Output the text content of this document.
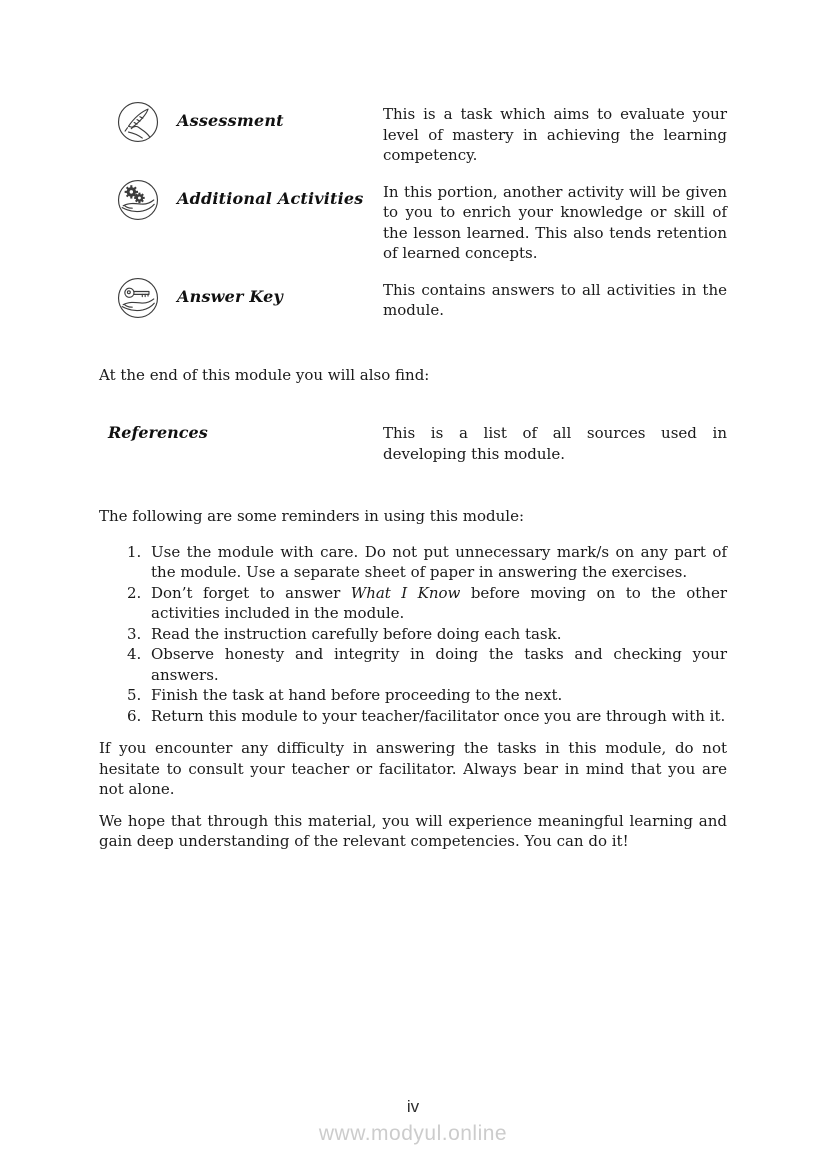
Assessment	This is a task which aims to evaluate your level of mastery in achieving the learning competency.
Additional Activities	In this portion, another activity will be given to you to enrich your knowledge or skill of the lesson learned. This also tends retention of learned concepts.
Answer Key	This contains answers to all activities in the module.

At the end of this module you will also find:

References	This is a list of all sources used in developing this module.

The following are some reminders in using this module:

1. Use the module with care. Do not put unnecessary mark/s on any part of the module. Use a separate sheet of paper in answering the exercises.
2. Don’t forget to answer What I Know before moving on to the other activities included in the module.
3. Read the instruction carefully before doing each task.
4. Observe honesty and integrity in doing the tasks and checking your answers.
5. Finish the task at hand before proceeding to the next.
6. Return this module to your teacher/facilitator once you are through with it.

If you encounter any difficulty in answering the tasks in this module, do not hesitate to consult your teacher or facilitator. Always bear in mind that you are not alone.

We hope that through this material, you will experience meaningful learning and gain deep understanding of the relevant competencies. You can do it!

iv
www.modyul.online
